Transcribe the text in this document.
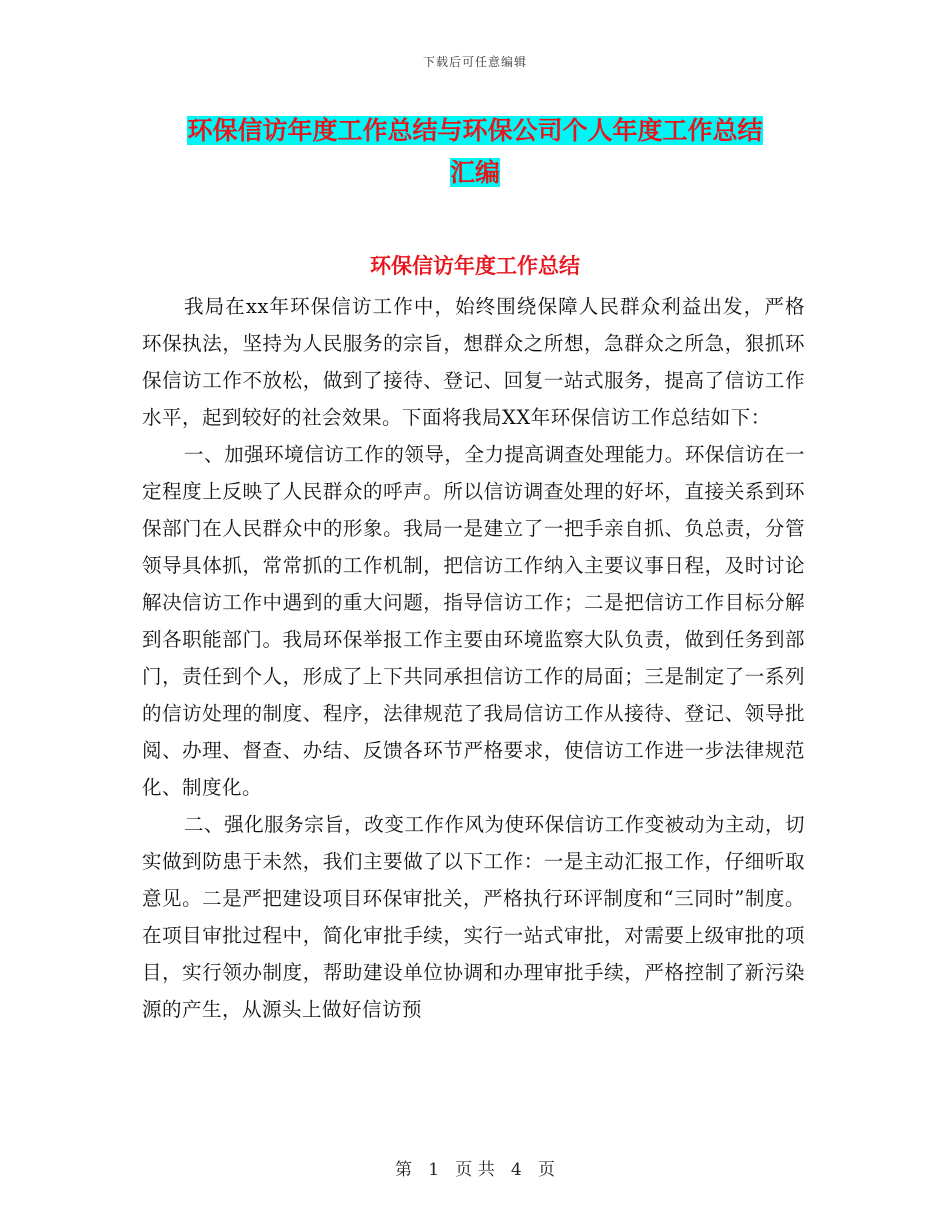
下载后可任意编辑
环保信访年度工作总结与环保公司个人年度工作总结
汇编
环保信访年度工作总结

我局在xx年环保信访工作中，始终围绕保障人民群众利益出发，严格环保执法，坚持为人民服务的宗旨，想群众之所想，急群众之所急，狠抓环保信访工作不放松，做到了接待、登记、回复一站式服务，提高了信访工作水平，起到较好的社会效果。下面将我局XX年环保信访工作总结如下：

一、加强环境信访工作的领导，全力提高调查处理能力。环保信访在一定程度上反映了人民群众的呼声。所以信访调查处理的好坏，直接关系到环保部门在人民群众中的形象。我局一是建立了一把手亲自抓、负总责，分管领导具体抓，常常抓的工作机制，把信访工作纳入主要议事日程，及时讨论解决信访工作中遇到的重大问题，指导信访工作；二是把信访工作目标分解到各职能部门。我局环保举报工作主要由环境监察大队负责，做到任务到部门，责任到个人，形成了上下共同承担信访工作的局面；三是制定了一系列的信访处理的制度、程序，法律规范了我局信访工作从接待、登记、领导批阅、办理、督查、办结、反馈各环节严格要求，使信访工作进一步法律规范化、制度化。

二、强化服务宗旨，改变工作作风为使环保信访工作变被动为主动，切实做到防患于未然，我们主要做了以下工作：一是主动汇报工作，仔细听取意见。二是严把建设项目环保审批关，严格执行环评制度和“三同时”制度。在项目审批过程中，简化审批手续，实行一站式审批，对需要上级审批的项目，实行领办制度，帮助建设单位协调和办理审批手续，严格控制了新污染源的产生，从源头上做好信访预

第 1 页 共 4 页
